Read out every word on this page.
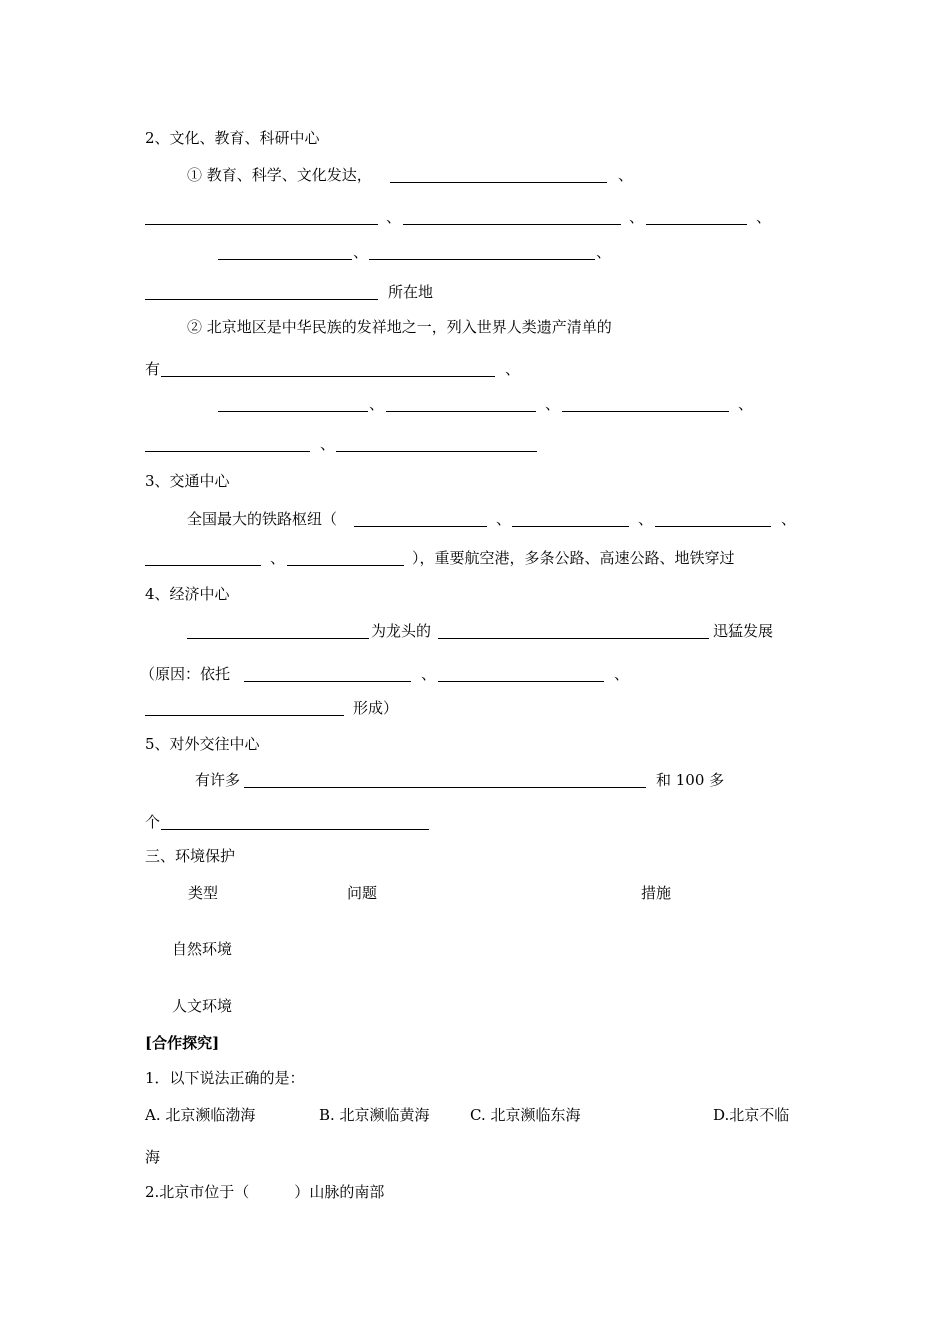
2、文化、教育、科研中心
① 教育、科学、文化发达，	、
、	、	、
、	、
所在地
② 北京地区是中华民族的发祥地之一，列入世界人类遗产清单的
有	、
、	、	、
、
3、交通中心
全国最大的铁路枢纽（	、	、	、
、	），重要航空港，多条公路、高速公路、地铁穿过
4、经济中心
为龙头的	迅猛发展
（原因：依托	、	、
形成）
5、对外交往中心
有许多	和 100 多
个
三、环境保护
类型	问题	措施
自然环境
人文环境
[合作探究]
1．以下说法正确的是：
A. 北京濒临渤海	B. 北京濒临黄海	C. 北京濒临东海	D.北京不临
海
2.北京市位于（　　　）山脉的南部
